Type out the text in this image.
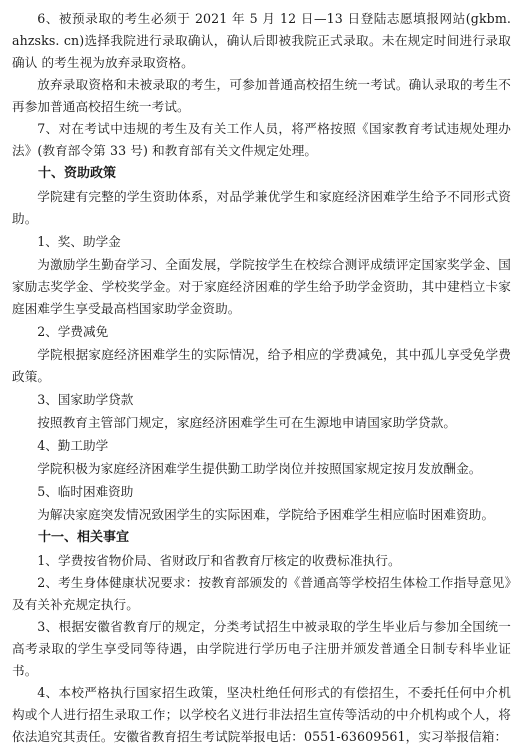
6、被预录取的考生必须于 2021 年 5 月 12 日—13 日登陆志愿填报网站(gkbm. ahzsks. cn)选择我院进行录取确认，确认后即被我院正式录取。未在规定时间进行录取确认 的考生视为放弃录取资格。

放弃录取资格和未被录取的考生，可参加普通高校招生统一考试。确认录取的考生不再参加普通高校招生统一考试。

7、对在考试中违规的考生及有关工作人员，将严格按照《国家教育考试违规处理办法》(教育部令第 33 号) 和教育部有关文件规定处理。

十、资助政策

学院建有完整的学生资助体系，对品学兼优学生和家庭经济困难学生给予不同形式资助。

1、奖、助学金

为激励学生勤奋学习、全面发展，学院按学生在校综合测评成绩评定国家奖学金、国家励志奖学金、学校奖学金。对于家庭经济困难的学生给予助学金资助，其中建档立卡家庭困难学生享受最高档国家助学金资助。

2、学费减免

学院根据家庭经济困难学生的实际情况，给予相应的学费减免，其中孤儿享受免学费政策。

3、国家助学贷款

按照教育主管部门规定，家庭经济困难学生可在生源地申请国家助学贷款。

4、勤工助学

学院积极为家庭经济困难学生提供勤工助学岗位并按照国家规定按月发放酬金。

5、临时困难资助

为解决家庭突发情况致困学生的实际困难，学院给予困难学生相应临时困难资助。

十一、相关事宜

1、学费按省物价局、省财政厅和省教育厅核定的收费标准执行。

2、考生身体健康状况要求：按教育部颁发的《普通高等学校招生体检工作指导意见》及有关补充规定执行。

3、根据安徽省教育厅的规定，分类考试招生中被录取的学生毕业后与参加全国统一高考录取的学生享受同等待遇，由学院进行学历电子注册并颁发普通全日制专科毕业证书。

4、本校严格执行国家招生政策，坚决杜绝任何形式的有偿招生，不委托任何中介机构或个人进行招生录取工作；以学校名义进行非法招生宣传等活动的中介机构或个人，将依法追究其责任。安徽省教育招生考试院举报电话：0551-63609561，实习举报信箱：
